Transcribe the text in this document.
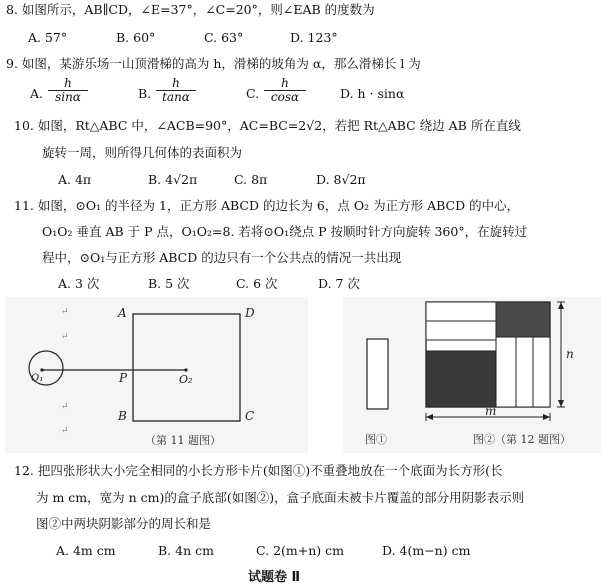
8. 如图所示，AB∥CD，∠E=37°，∠C=20°，则∠EAB 的度数为
A. 57°	B. 60°	C. 63°	D. 123°
9. 如图，某游乐场一山顶滑梯的高为 h，滑梯的坡角为 α，那么滑梯长 l 为
A. $\frac{h}{\sin\alpha}$	B. $\frac{h}{\tan\alpha}$	C. $\frac{h}{\cos\alpha}$	D. h · sinα
10. 如图，Rt△ABC 中，∠ACB=90°，AC=BC=2√2，若把 Rt△ABC 绕边 AB 所在直线
旋转一周，则所得几何体的表面积为
A. 4π	B. 4√2π	C. 8π	D. 8√2π
11. 如图，⊙O₁ 的半径为 1，正方形 ABCD 的边长为 6，点 O₂ 为正方形 ABCD 的中心，
O₁O₂ 垂直 AB 于 P 点，O₁O₂=8. 若将⊙O₁绕点 P 按顺时针方向旋转 360°，在旋转过
程中，⊙O₁与正方形 ABCD 的边只有一个公共点的情况一共出现
A. 3 次	B. 5 次	C. 6 次	D. 7 次
A	D
B	C
P
O₁	O₂
（第 11 题图）
↵
↵
↵
↵
n
m
图①	图②（第 12 题图）
12. 把四张形状大小完全相同的小长方形卡片(如图①)不重叠地放在一个底面为长方形(长
为 m cm，宽为 n cm)的盒子底部(如图②)，盒子底面未被卡片覆盖的部分用阴影表示则
图②中两块阴影部分的周长和是
A. 4m cm	B. 4n cm	C. 2(m+n) cm	D. 4(m−n) cm
试题卷 Ⅱ
